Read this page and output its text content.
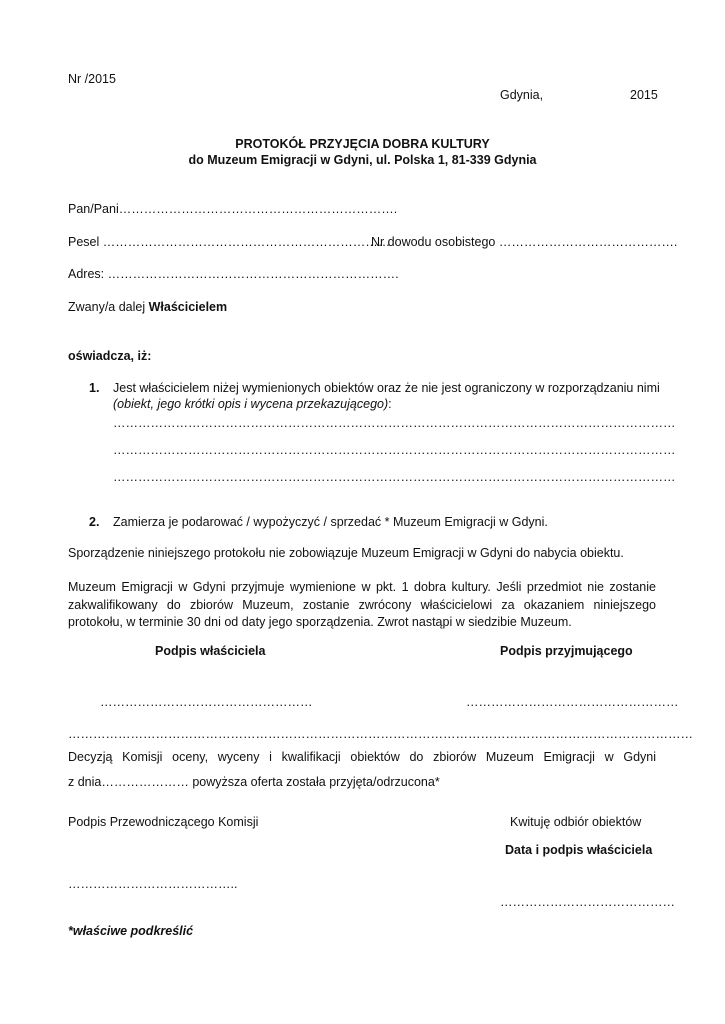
Nr /2015
Gdynia,	2015
PROTOKÓŁ PRZYJĘCIA DOBRA KULTURY
do Muzeum Emigracji w Gdyni, ul. Polska 1, 81-339 Gdynia
Pan/Pani………………………………………………………….
Pesel ……………………………………………………………
Nr dowodu osobistego …………………………………….
Adres: …………………………………………………………….
Zwany/a dalej Właścicielem
oświadcza, iż:
1. Jest właścicielem niżej wymienionych obiektów oraz że nie jest ograniczony w rozporządzaniu nimi
(obiekt, jego krótki opis i wycena przekazującego):
………………………………………………………………………………………………………………………
………………………………………………………………………………………………………………………
………………………………………………………………………………………………………………………
2. Zamierza je podarować / wypożyczyć / sprzedać * Muzeum Emigracji w Gdyni.
Sporządzenie niniejszego protokołu nie zobowiązuje Muzeum Emigracji w Gdyni do nabycia obiektu.
Muzeum Emigracji w Gdyni przyjmuje wymienione w pkt. 1 dobra kultury. Jeśli przedmiot nie zostanie zakwalifikowany do zbiorów Muzeum, zostanie zwrócony właścicielowi za okazaniem niniejszego protokołu, w terminie 30 dni od daty jego sporządzenia. Zwrot nastąpi w siedzibie Muzeum.
Podpis właściciela	Podpis przyjmującego
……………………………………………	……………………………………………
……………………………………………………………………………………………………………………………………
Decyzją Komisji oceny, wyceny i kwalifikacji obiektów do zbiorów Muzeum Emigracji w Gdyni
z dnia………………… powyższa oferta została przyjęta/odrzucona*
Podpis Przewodniczącego Komisji	Kwituję odbiór obiektów
Data i podpis właściciela
…………………………………..
……………………………………
*właściwe podkreślić
